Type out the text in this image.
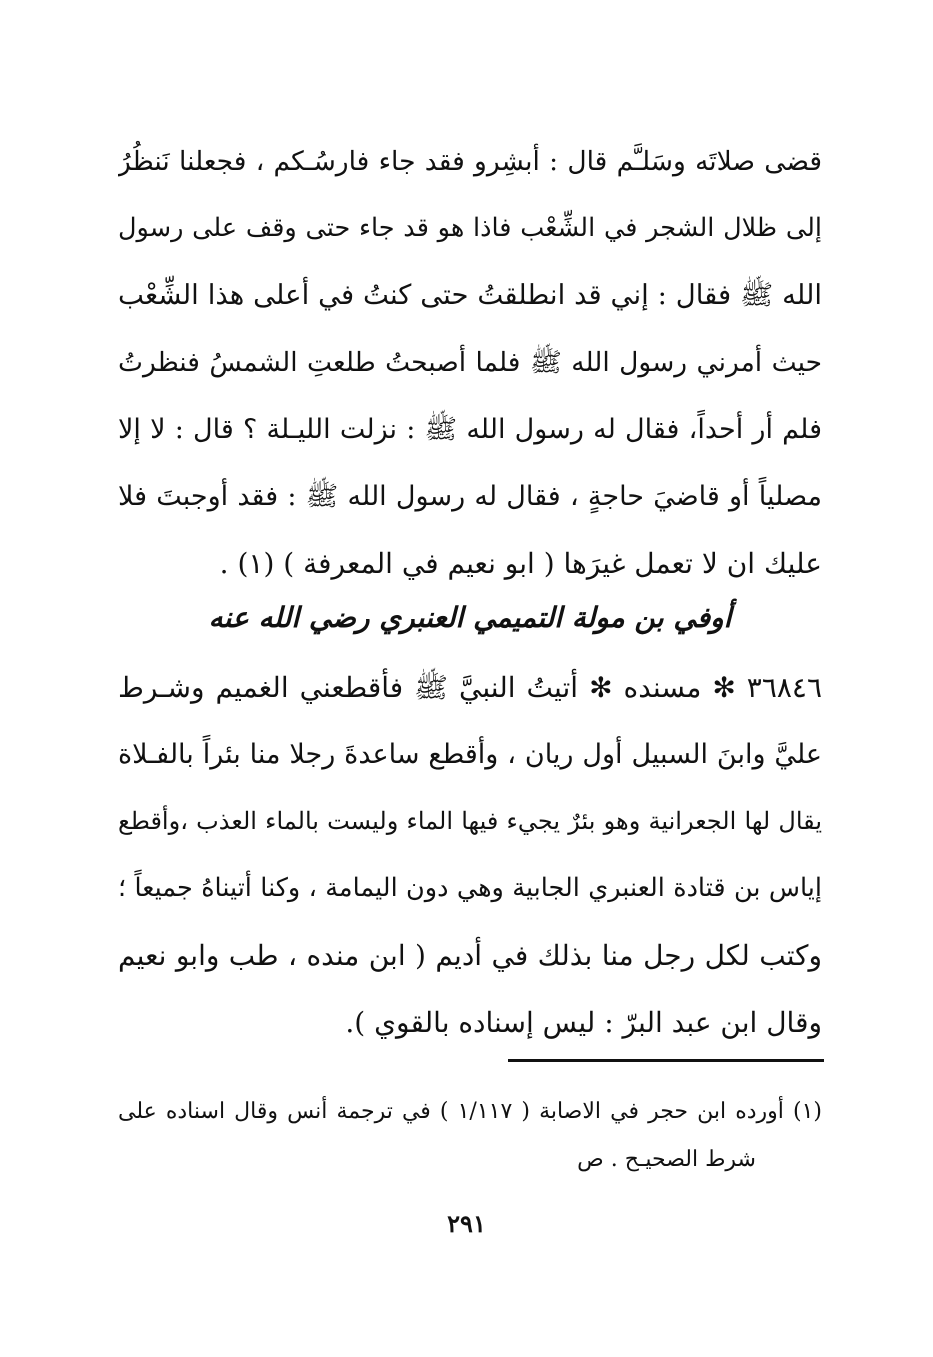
قضى صلاتَه وسَلـَّم قال : أبشِرو فقد جاء فارسُـكم ، فجعلنا نَنظُرُ
إلى ظلال الشجر في الشِّعْب فاذا هو قد جاء حتى وقف على رسول
الله ﷺ فقال : إني قد انطلقتُ حتى كنتُ في أعلى هذا الشِّعْب
حيث أمرني رسول الله ﷺ فلما أصبحتُ طلعتِ الشمسُ فنظرتُ
فلم أر أحداً، فقال له رسول الله ﷺ : نزلت الليـلة ؟ قال : لا إلا
مصلياً أو قاضيَ حاجةٍ ، فقال له رسول الله ﷺ : فقد أوجبتَ فلا
عليك ان لا تعمل غيرَها ( ابو نعيم في المعرفة ) (١) .
أوفي بن مولة التميمي العنبري رضي الله عنه
٣٦٨٤٦ ✻ مسنده ✻ أتيتُ النبيَّ ﷺ فأقطعني الغميم وشـرط
عليَّ وابنَ السبيل أول ريان ، وأقطع ساعدةَ رجلا منا بئراً بالفـلاة
يقال لها الجعرانية وهو بئرٌ يجيء فيها الماء وليست بالماء العذب ،وأقطع
إياس بن قتادة العنبري الجابية وهي دون اليمامة ، وكنا أتيناهُ جميعاً ؛
وكتب لكل رجل منا بذلك في أديم ( ابن منده ، طب وابو نعيم
وقال ابن عبد البرّ : ليس إسناده بالقوي ).
(١) أورده ابن حجر في الاصابة ( ١/١١٧ ) في ترجمة أنس وقال اسناده على
شرط الصحيـح . ص
٢٩١
